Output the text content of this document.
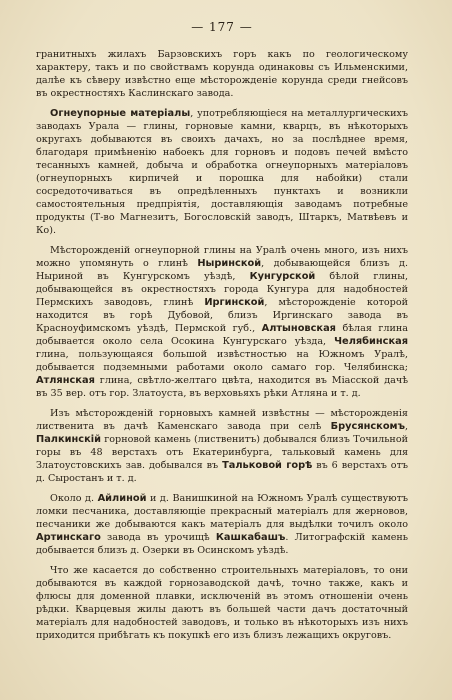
— 177 —

гранитныхъ жилахъ Барзовскихъ горъ какъ по геологическому характеру, такъ и по свойствамъ корунда одинаковы съ Ильменскими, далѣе къ сѣверу извѣстно еще мѣсторожденіе корунда среди гнейсовъ въ окрестностяхъ Каслинскаго завода.

Огнеупорные матеріалы, употребляющіеся на металлургическихъ заводахъ Урала — глины, горновые камни, кварцъ, въ нѣкоторыхъ округахъ добываются въ своихъ дачахъ, но за послѣднее время, благодаря примѣненію набоекъ для горновъ и подовъ печей вмѣсто тесанныхъ камней, добыча и обработка огнеупорныхъ матеріаловъ (огнеупорныхъ кирпичей и порошка для набойки) стали сосредоточиваться въ опредѣленныхъ пунктахъ и возникли самостоятельныя предпріятія, доставляющія заводамъ потребные продукты (Т-во Магнезитъ, Богословскій заводъ, Штаркъ, Матвѣевъ и Ко).

Мѣсторожденій огнеупорной глины на Уралѣ очень много, изъ нихъ можно упомянуть о глинѣ Ныринской, добывающейся близъ д. Ныриной въ Кунгурскомъ уѣздѣ, Кунгурской бѣлой глины, добывающейся въ окрестностяхъ города Кунгура для надобностей Пермскихъ заводовъ, глинѣ Иргинской, мѣсторожденіе которой находится въ горѣ Дубовой, близъ Иргинскаго завода въ Красноуфимскомъ уѣздѣ, Пермской губ., Алтыновская бѣлая глина добывается около села Осокина Кунгурскаго уѣзда, Челябинская глина, пользующаяся большой извѣстностью на Южномъ Уралѣ, добывается подземными работами около самаго гор. Челябинска; Атлянская глина, свѣтло-желтаго цвѣта, находится въ Міасской дачѣ въ 35 вер. отъ гор. Златоуста, въ верховьяхъ рѣки Атляна и т. д.

Изъ мѣсторожденій горновыхъ камней извѣстны — мѣсторожденія лиственита въ дачѣ Каменскаго завода при селѣ Брусянскомъ, Палкинскій горновой камень (лиственитъ) добывался близъ Точильной горы въ 48 верстахъ отъ Екатеринбурга, тальковый камень для Златоустовскихъ зав. добывался въ Тальковой горѣ въ 6 верстахъ отъ д. Сыростанъ и т. д.

Около д. Айлиной и д. Ванишкиной на Южномъ Уралѣ существуютъ ломки песчаника, доставляющіе прекрасный матеріалъ для жерновов, песчаники же добываются какъ матеріалъ для выдѣлки точилъ около Артинскаго завода въ урочищѣ Кашкабашъ. Литографскій камень добывается близъ д. Озерки въ Осинскомъ уѣздѣ.

Что же касается до собственно строительныхъ матеріаловъ, то они добываются въ каждой горнозаводской дачѣ, точно также, какъ и флюсы для доменной плавки, исключеній въ этомъ отношеніи очень рѣдки. Кварцевыя жилы даютъ въ большей части дачъ достаточный матеріалъ для надобностей заводовъ, и только въ нѣкоторыхъ изъ нихъ приходится прибѣгать къ покупкѣ его изъ близъ лежащихъ округовъ.
